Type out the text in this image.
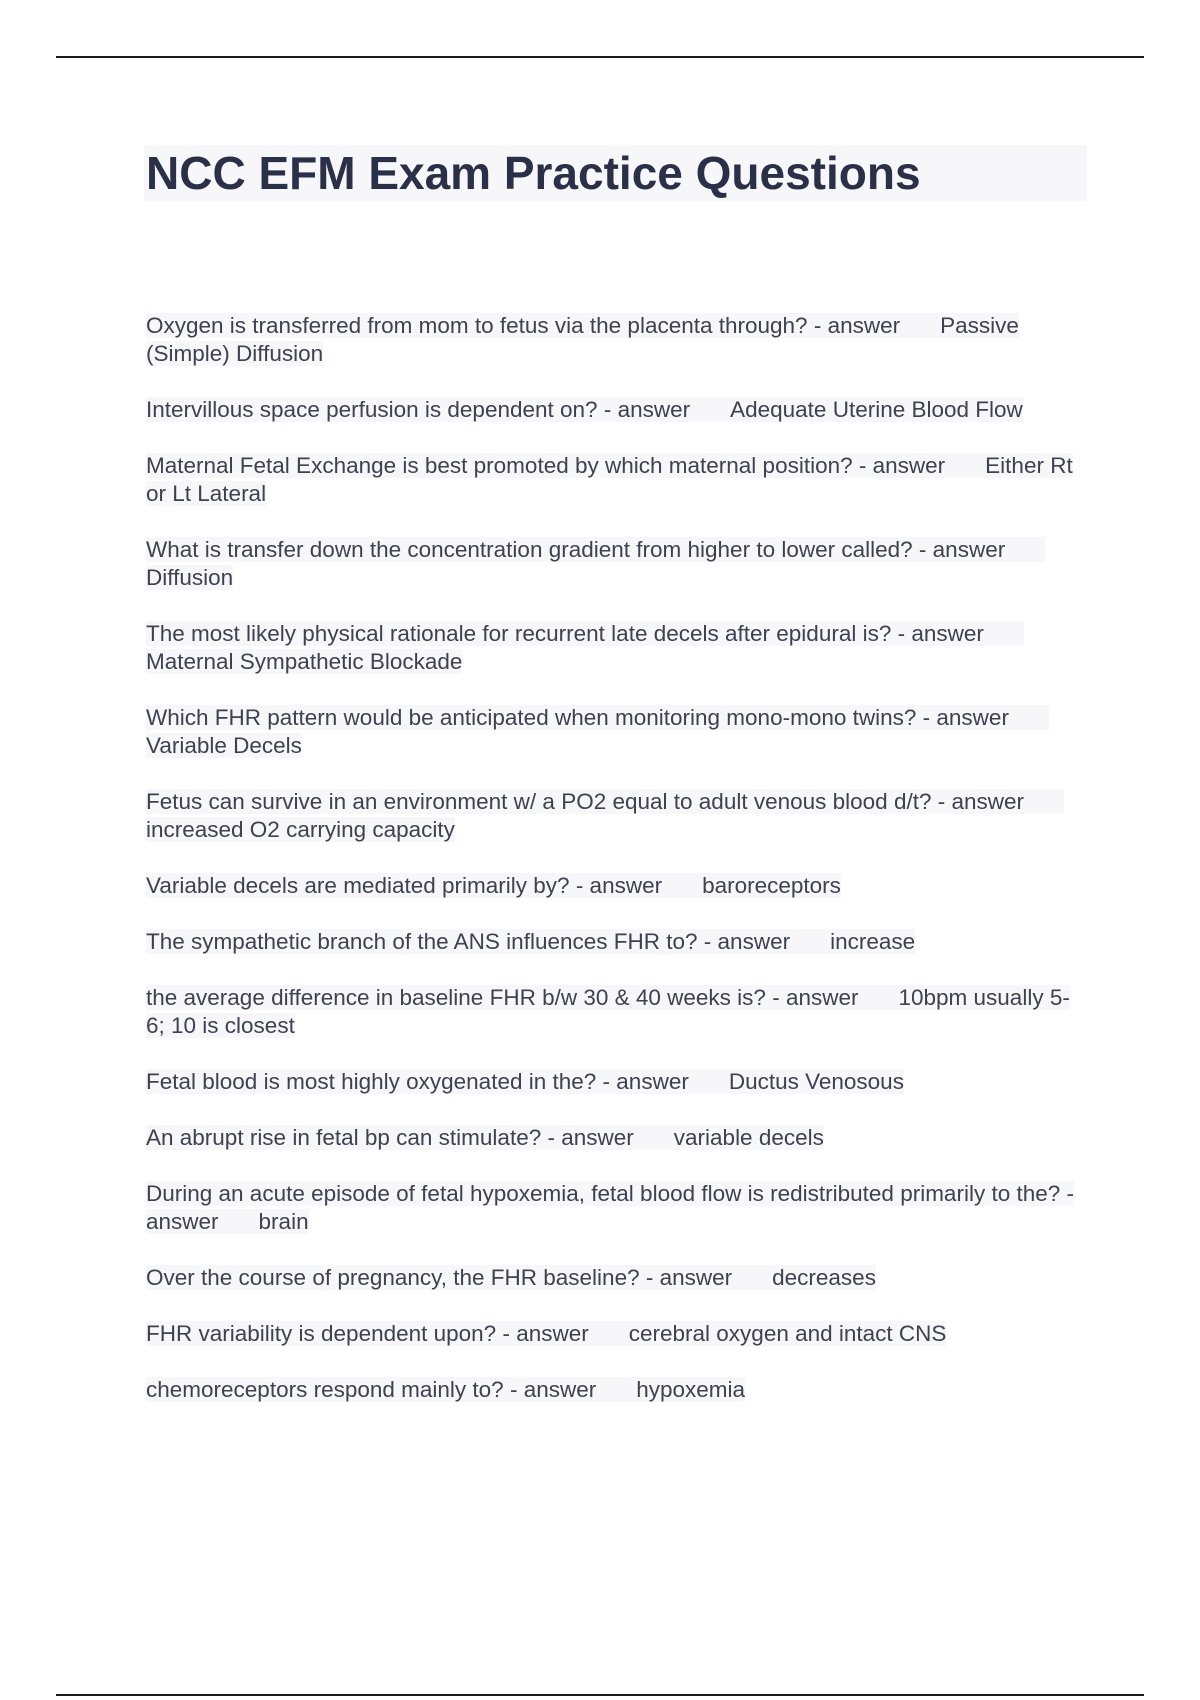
NCC EFM Exam Practice Questions

Oxygen is transferred from mom to fetus via the placenta through? - answer Passive (Simple) Diffusion

Intervillous space perfusion is dependent on? - answer Adequate Uterine Blood Flow

Maternal Fetal Exchange is best promoted by which maternal position? - answer Either Rt or Lt Lateral

What is transfer down the concentration gradient from higher to lower called? - answerDiffusion

The most likely physical rationale for recurrent late decels after epidural is? - answerMaternal Sympathetic Blockade

Which FHR pattern would be anticipated when monitoring mono-mono twins? - answerVariable Decels

Fetus can survive in an environment w/ a PO2 equal to adult venous blood d/t? - answerincreased O2 carrying capacity

Variable decels are mediated primarily by? - answer baroreceptors

The sympathetic branch of the ANS influences FHR to? - answer increase

the average difference in baseline FHR b/w 30 & 40 weeks is? - answer 10bpm usually 5-6; 10 is closest

Fetal blood is most highly oxygenated in the? - answer Ductus Venosous

An abrupt rise in fetal bp can stimulate? - answer variable decels

During an acute episode of fetal hypoxemia, fetal blood flow is redistributed primarily to the? - answer brain

Over the course of pregnancy, the FHR baseline? - answer decreases

FHR variability is dependent upon? - answer cerebral oxygen and intact CNS

chemoreceptors respond mainly to? - answer hypoxemia
